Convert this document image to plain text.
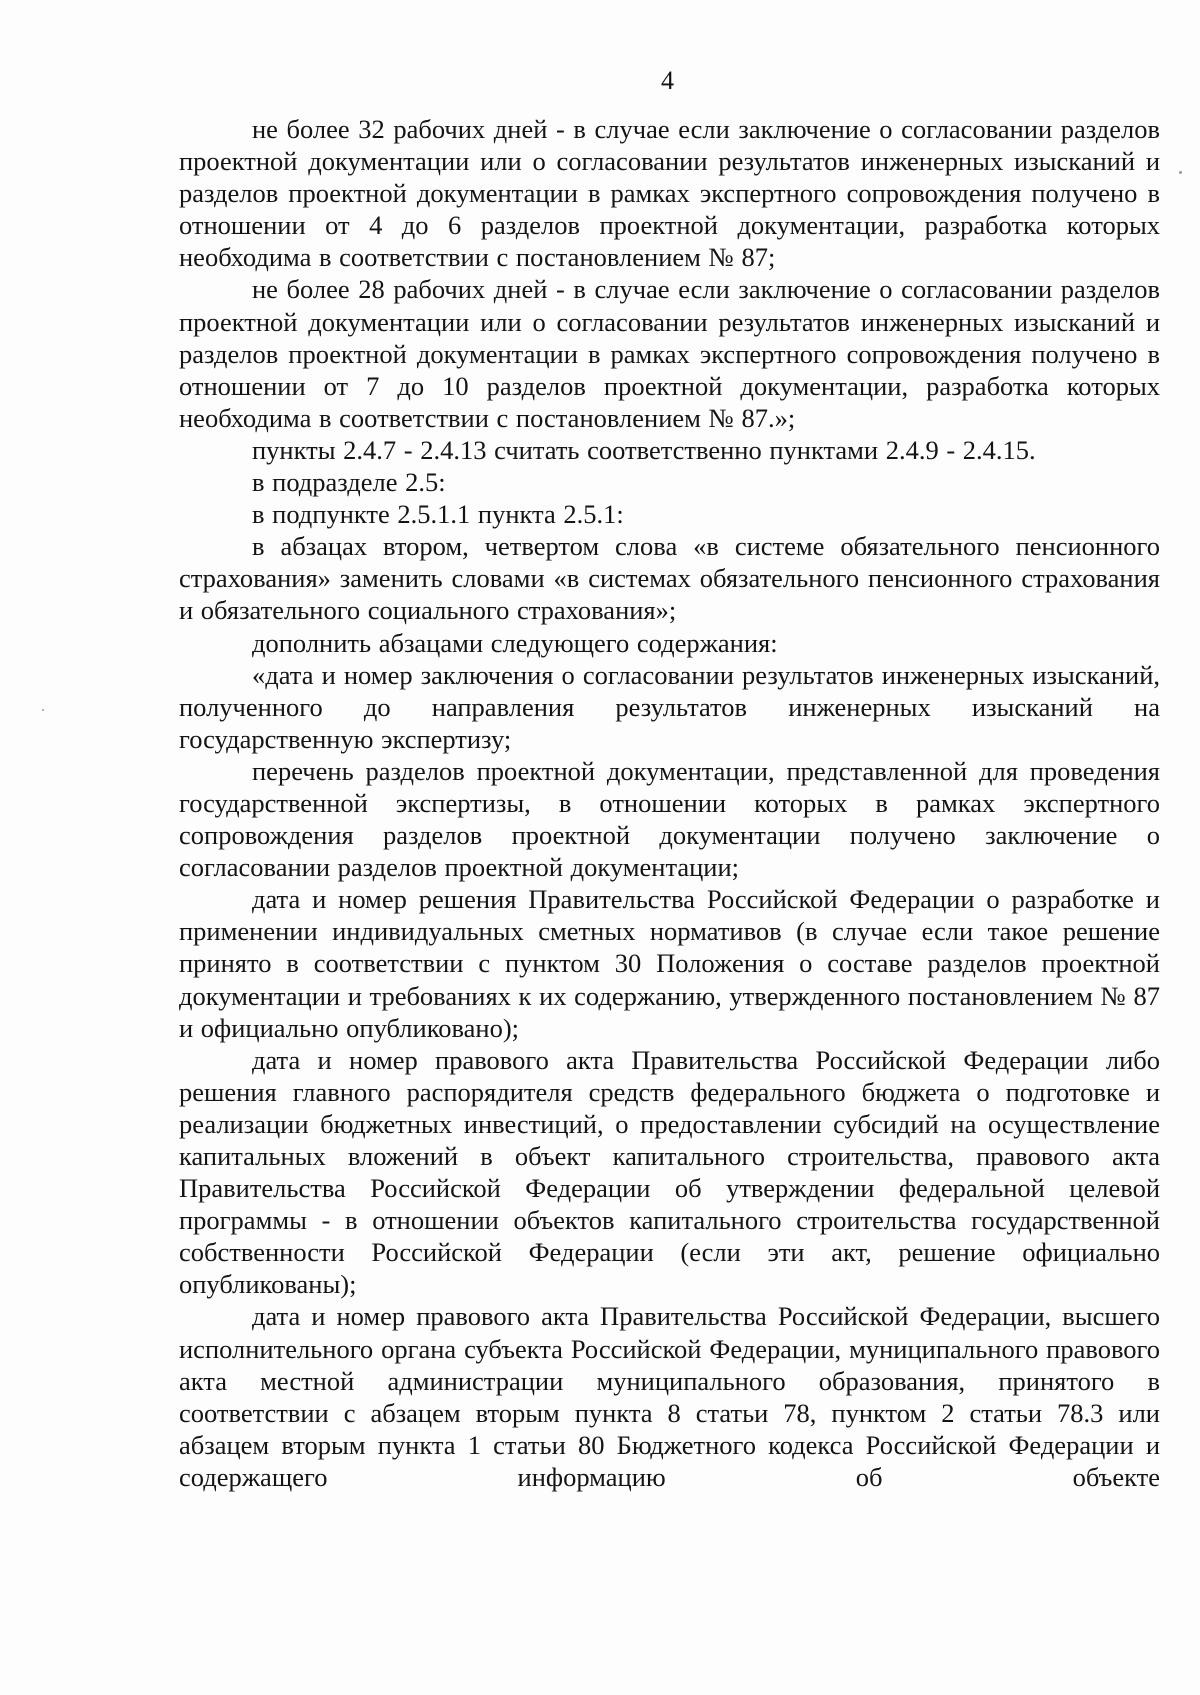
4

не более 32 рабочих дней - в случае если заключение о согласовании разделов проектной документации или о согласовании результатов инженерных изысканий и разделов проектной документации в рамках экспертного сопровождения получено в отношении от 4 до 6 разделов проектной документации, разработка которых необходима в соответствии с постановлением № 87;

не более 28 рабочих дней - в случае если заключение о согласовании разделов проектной документации или о согласовании результатов инженерных изысканий и разделов проектной документации в рамках экспертного сопровождения получено в отношении от 7 до 10 разделов проектной документации, разработка которых необходима в соответствии с постановлением № 87.»;

пункты 2.4.7 - 2.4.13 считать соответственно пунктами 2.4.9 - 2.4.15.

в подразделе 2.5:

в подпункте 2.5.1.1 пункта 2.5.1:

в абзацах втором, четвертом слова «в системе обязательного пенсионного страхования» заменить словами «в системах обязательного пенсионного страхования и обязательного социального страхования»;

дополнить абзацами следующего содержания:

«дата и номер заключения о согласовании результатов инженерных изысканий, полученного до направления результатов инженерных изысканий на государственную экспертизу;

перечень разделов проектной документации, представленной для проведения государственной экспертизы, в отношении которых в рамках экспертного сопровождения разделов проектной документации получено заключение о согласовании разделов проектной документации;

дата и номер решения Правительства Российской Федерации о разработке и применении индивидуальных сметных нормативов (в случае если такое решение принято в соответствии с пунктом 30 Положения о составе разделов проектной документации и требованиях к их содержанию, утвержденного постановлением № 87 и официально опубликовано);

дата и номер правового акта Правительства Российской Федерации либо решения главного распорядителя средств федерального бюджета о подготовке и реализации бюджетных инвестиций, о предоставлении субсидий на осуществление капитальных вложений в объект капитального строительства, правового акта Правительства Российской Федерации об утверждении федеральной целевой программы - в отношении объектов капитального строительства государственной собственности Российской Федерации (если эти акт, решение официально опубликованы);

дата и номер правового акта Правительства Российской Федерации, высшего исполнительного органа субъекта Российской Федерации, муниципального правового акта местной администрации муниципального образования, принятого в соответствии с абзацем вторым пункта 8 статьи 78, пунктом 2 статьи 78.3 или абзацем вторым пункта 1 статьи 80 Бюджетного кодекса Российской Федерации и содержащего информацию об объекте
